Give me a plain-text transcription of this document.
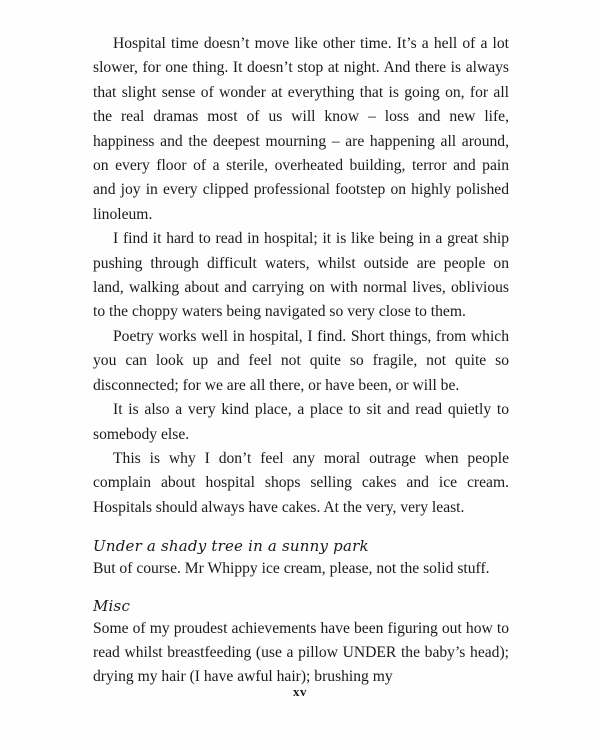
Hospital time doesn’t move like other time. It’s a hell of a lot slower, for one thing. It doesn’t stop at night. And there is always that slight sense of wonder at everything that is going on, for all the real dramas most of us will know – loss and new life, happiness and the deepest mourning – are happening all around, on every floor of a sterile, overheated building, terror and pain and joy in every clipped professional footstep on highly polished linoleum.

I find it hard to read in hospital; it is like being in a great ship pushing through difficult waters, whilst outside are people on land, walking about and carrying on with normal lives, oblivious to the choppy waters being navigated so very close to them.

Poetry works well in hospital, I find. Short things, from which you can look up and feel not quite so fragile, not quite so disconnected; for we are all there, or have been, or will be.

It is also a very kind place, a place to sit and read quietly to somebody else.

This is why I don’t feel any moral outrage when people complain about hospital shops selling cakes and ice cream. Hospitals should always have cakes. At the very, very least.

Under a shady tree in a sunny park

But of course. Mr Whippy ice cream, please, not the solid stuff.

Misc

Some of my proudest achievements have been figuring out how to read whilst breastfeeding (use a pillow UNDER the baby’s head); drying my hair (I have awful hair); brushing my

xv
